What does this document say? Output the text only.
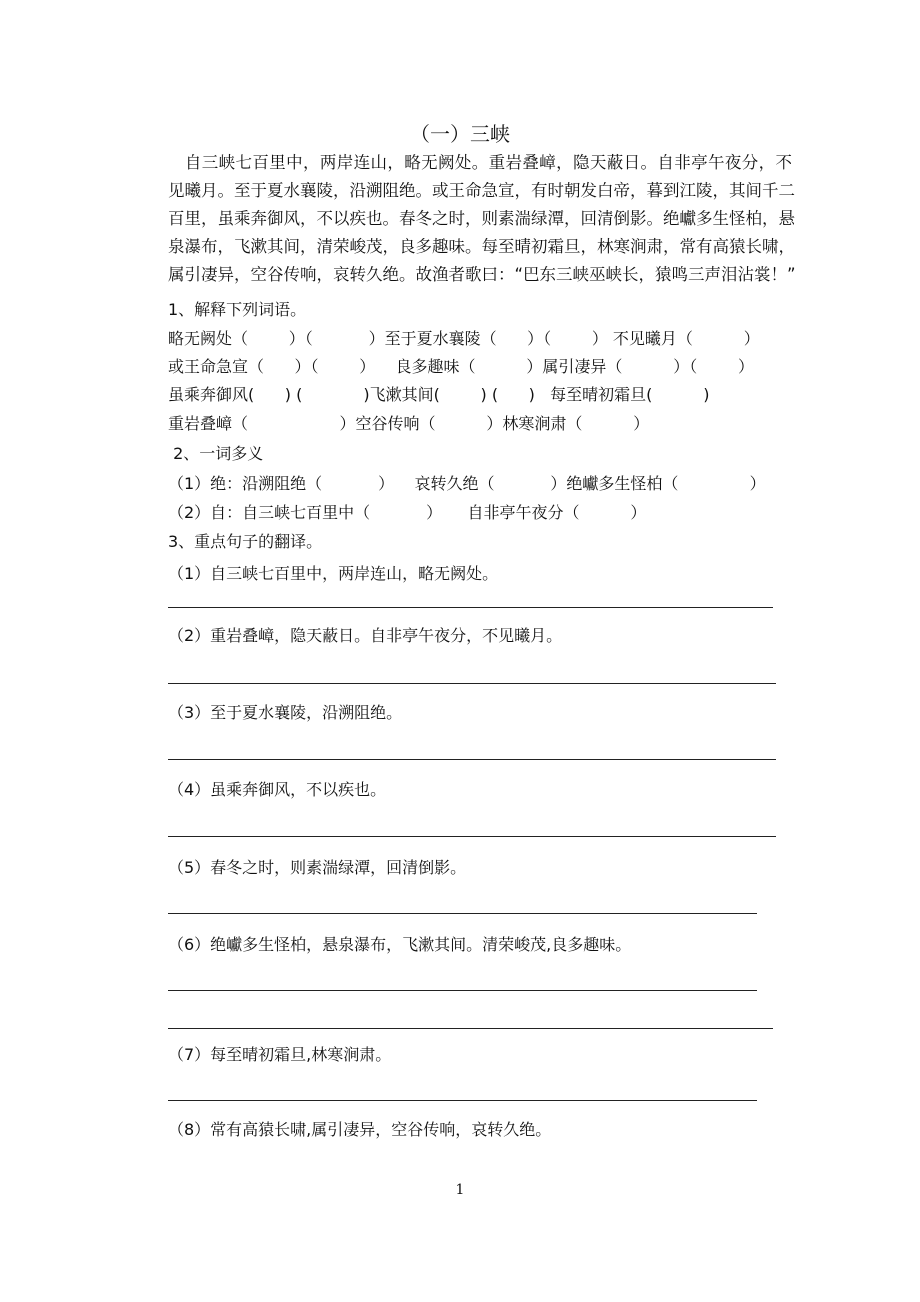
（一）三峡
　自三峡七百里中，两岸连山，略无阙处。重岩叠嶂，隐天蔽日。自非亭午夜分，不
见曦月。至于夏水襄陵，沿溯阻绝。或王命急宣，有时朝发白帝，暮到江陵，其间千二
百里，虽乘奔御风，不以疾也。春冬之时，则素湍绿潭，回清倒影。绝巘多生怪柏，悬
泉瀑布，飞漱其间，清荣峻茂，良多趣味。每至晴初霜旦，林寒涧肃，常有高猿长啸，
属引凄异，空谷传响，哀转久绝。故渔者歌曰：“巴东三峡巫峡长，猿鸣三声泪沾裳！”
1、解释下列词语。
略无阙处（        ）（           ）至于夏水襄陵（      ）（        ） 不见曦月（          ）
或王命急宣（      ）（        ）    良多趣味（          ）属引凄异（          ）（        ）
虽乘奔御风(      ) (            )飞漱其间(        ) (      )   每至晴初霜旦(          )
重岩叠嶂（                  ）空谷传响（          ）林寒涧肃（          ）
2、一词多义
（1）绝：沿溯阻绝（           ）    哀转久绝（           ）绝巘多生怪柏（              ）
（2）自：自三峡七百里中（           ）     自非亭午夜分（          ）
3、重点句子的翻译。
（1）自三峡七百里中，两岸连山，略无阙处。
（2）重岩叠嶂，隐天蔽日。自非亭午夜分，不见曦月。
（3）至于夏水襄陵，沿溯阻绝。
（4）虽乘奔御风，不以疾也。
（5）春冬之时，则素湍绿潭，回清倒影。
（6）绝巘多生怪柏，悬泉瀑布，飞漱其间。清荣峻茂,良多趣味。
（7）每至晴初霜旦,林寒涧肃。
（8）常有高猿长啸,属引凄异，空谷传响，哀转久绝。
1
